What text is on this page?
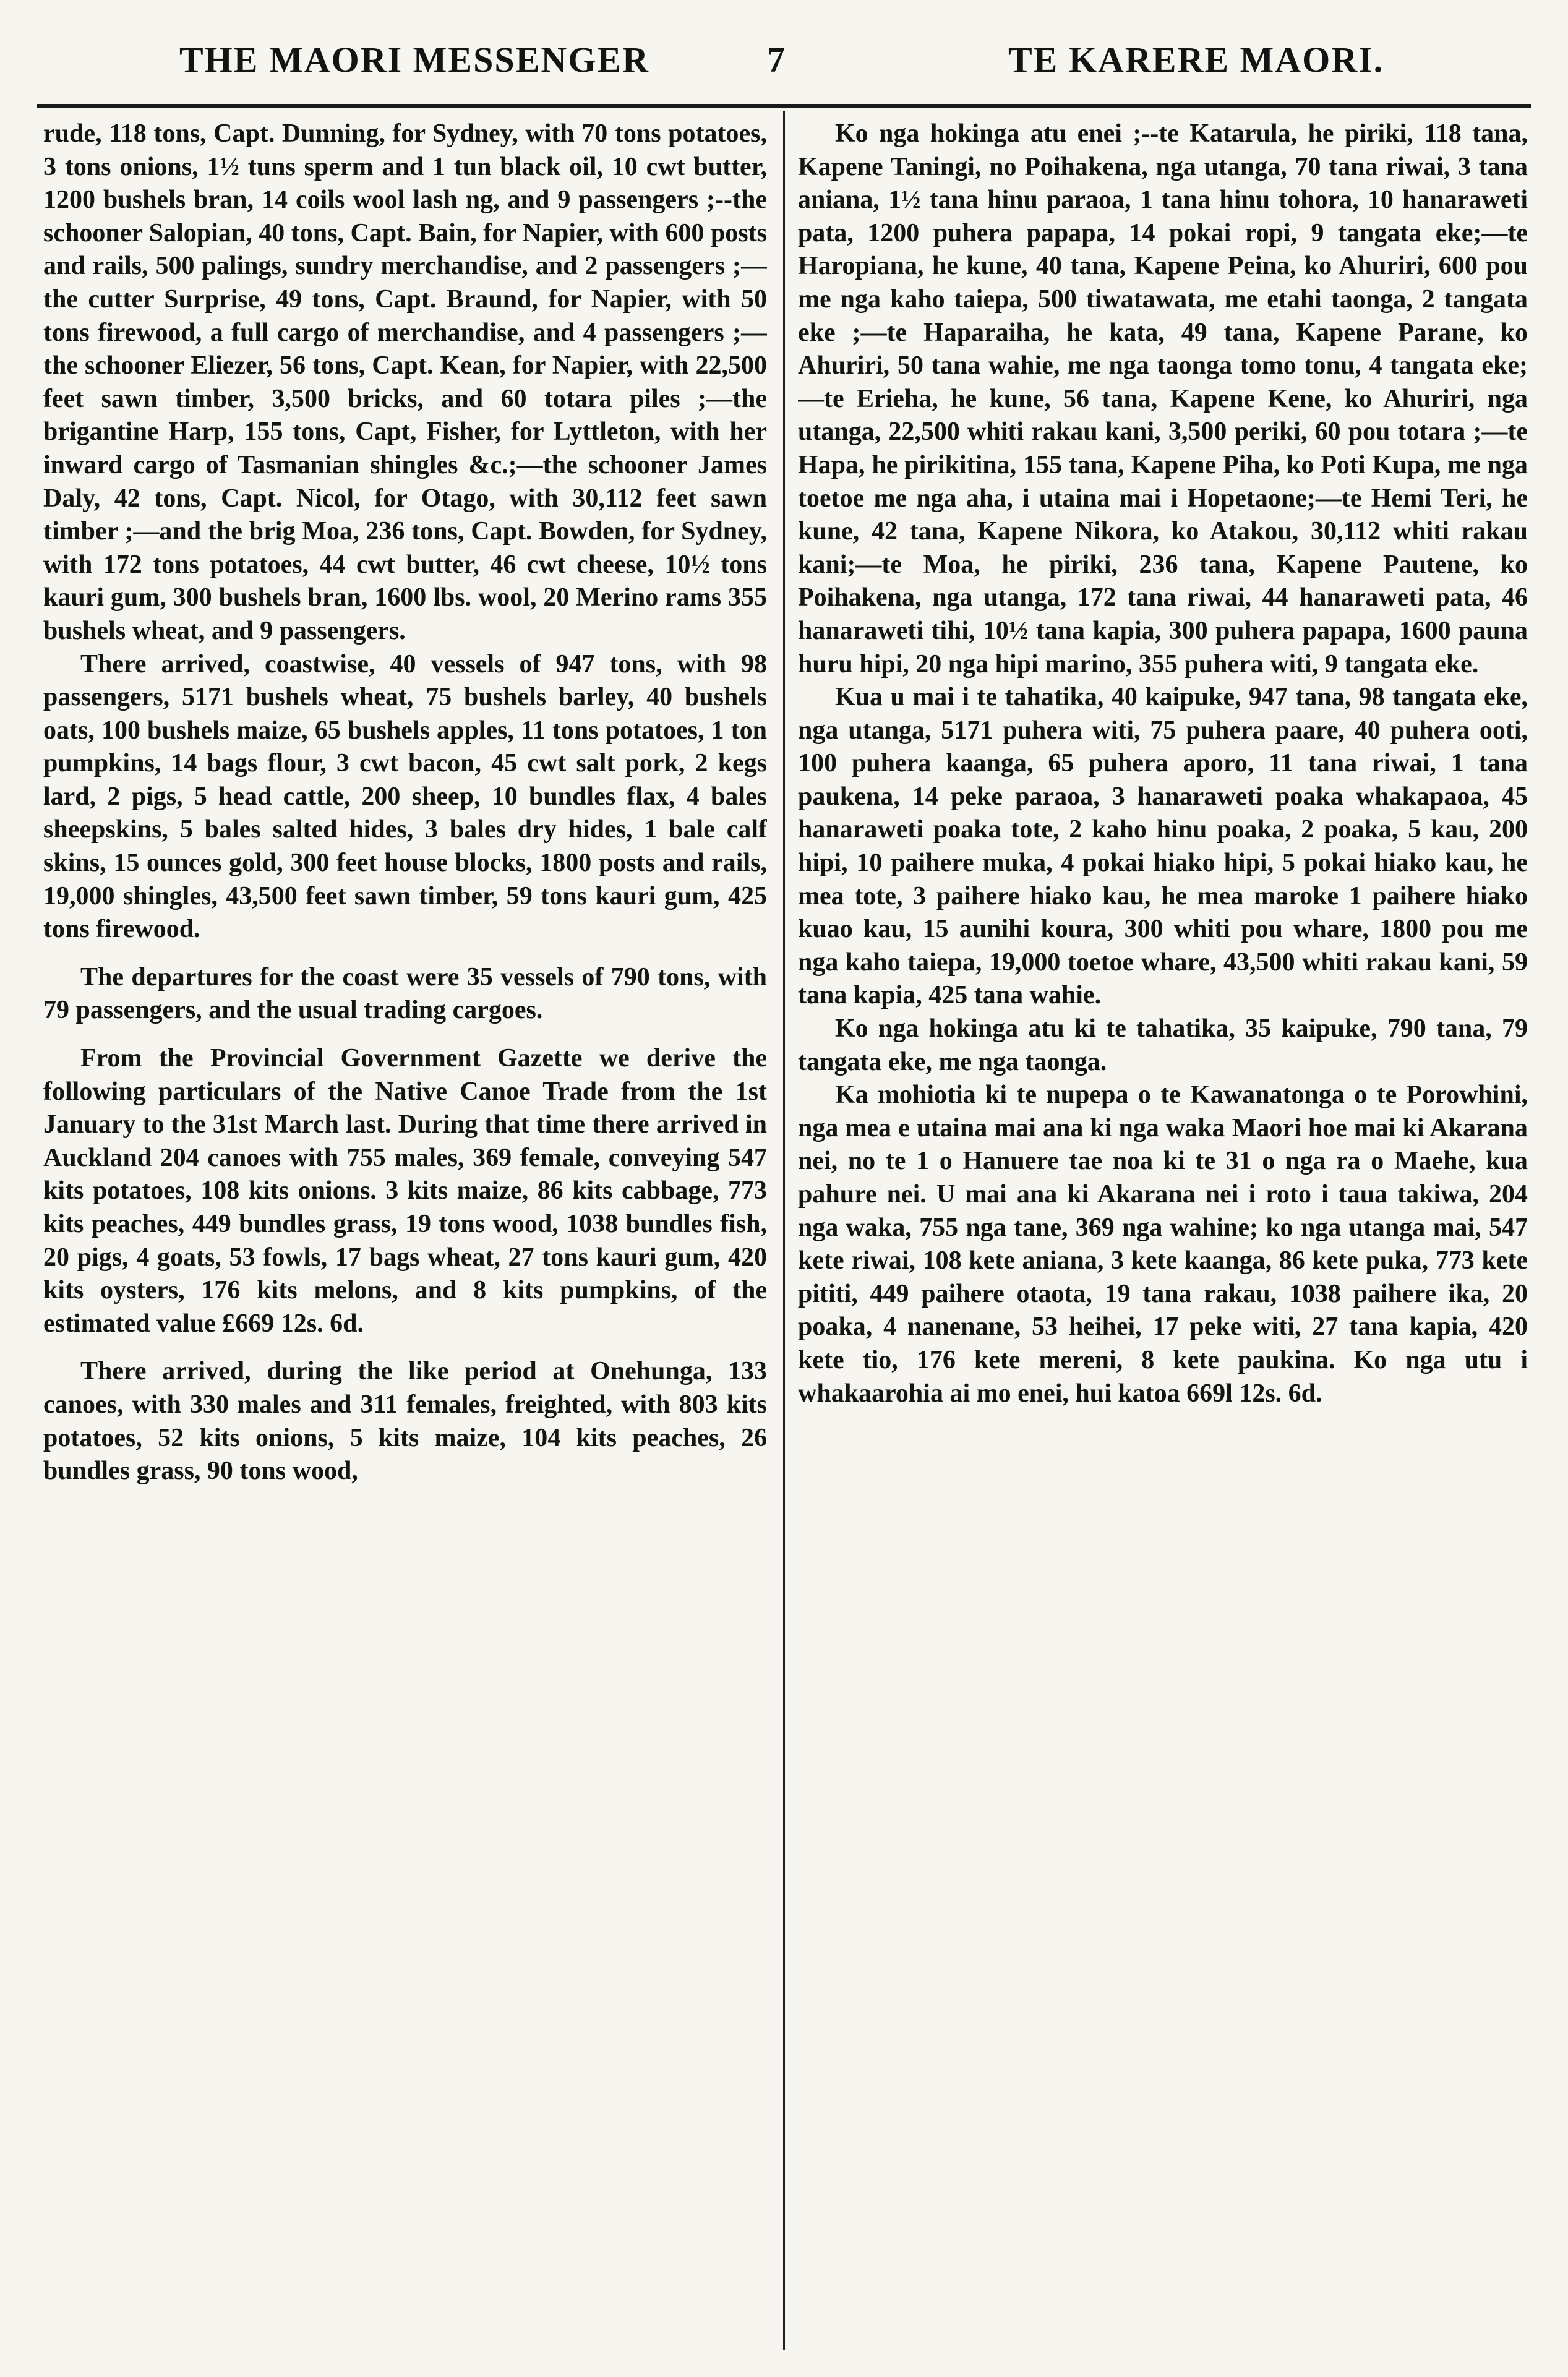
THE MAORI MESSENGER	7	TE KARERE MAORI.

rude, 118 tons, Capt. Dunning, for Sydney, with 70 tons potatoes, 3 tons onions, 1½ tuns sperm and 1 tun black oil, 10 cwt butter, 1200 bushels bran, 14 coils wool lash ng, and 9 passengers ;--the schooner Salopian, 40 tons, Capt. Bain, for Napier, with 600 posts and rails, 500 palings, sundry merchandise, and 2 passengers ;—the cutter Surprise, 49 tons, Capt. Braund, for Napier, with 50 tons firewood, a full cargo of merchandise, and 4 passengers ;—the schooner Eliezer, 56 tons, Capt. Kean, for Napier, with 22,500 feet sawn timber, 3,500 bricks, and 60 totara piles ;—the brigantine Harp, 155 tons, Capt, Fisher, for Lyttleton, with her inward cargo of Tasmanian shingles &c.;—the schooner James Daly, 42 tons, Capt. Nicol, for Otago, with 30,112 feet sawn timber ;—and the brig Moa, 236 tons, Capt. Bowden, for Sydney, with 172 tons potatoes, 44 cwt butter, 46 cwt cheese, 10½ tons kauri gum, 300 bushels bran, 1600 lbs. wool, 20 Merino rams 355 bushels wheat, and 9 passengers.

There arrived, coastwise, 40 vessels of 947 tons, with 98 passengers, 5171 bushels wheat, 75 bushels barley, 40 bushels oats, 100 bushels maize, 65 bushels apples, 11 tons potatoes, 1 ton pumpkins, 14 bags flour, 3 cwt bacon, 45 cwt salt pork, 2 kegs lard, 2 pigs, 5 head cattle, 200 sheep, 10 bundles flax, 4 bales sheepskins, 5 bales salted hides, 3 bales dry hides, 1 bale calf skins, 15 ounces gold, 300 feet house blocks, 1800 posts and rails, 19,000 shingles, 43,500 feet sawn timber, 59 tons kauri gum, 425 tons firewood.

The departures for the coast were 35 vessels of 790 tons, with 79 passengers, and the usual trading cargoes.

From the Provincial Government Gazette we derive the following particulars of the Native Canoe Trade from the 1st January to the 31st March last. During that time there arrived in Auckland 204 canoes with 755 males, 369 female, conveying 547 kits potatoes, 108 kits onions. 3 kits maize, 86 kits cabbage, 773 kits peaches, 449 bundles grass, 19 tons wood, 1038 bundles fish, 20 pigs, 4 goats, 53 fowls, 17 bags wheat, 27 tons kauri gum, 420 kits oysters, 176 kits melons, and 8 kits pumpkins, of the estimated value £669 12s. 6d.

There arrived, during the like period at Onehunga, 133 canoes, with 330 males and 311 females, freighted, with 803 kits potatoes, 52 kits onions, 5 kits maize, 104 kits peaches, 26 bundles grass, 90 tons wood,

Ko nga hokinga atu enei ;--te Katarula, he piriki, 118 tana, Kapene Taningi, no Poihakena, nga utanga, 70 tana riwai, 3 tana aniana, 1½ tana hinu paraoa, 1 tana hinu tohora, 10 hanaraweti pata, 1200 puhera papapa, 14 pokai ropi, 9 tangata eke;—te Haropiana, he kune, 40 tana, Kapene Peina, ko Ahuriri, 600 pou me nga kaho taiepa, 500 tiwatawata, me etahi taonga, 2 tangata eke ;—te Haparaiha, he kata, 49 tana, Kapene Parane, ko Ahuriri, 50 tana wahie, me nga taonga tomo tonu, 4 tangata eke;—te Erieha, he kune, 56 tana, Kapene Kene, ko Ahuriri, nga utanga, 22,500 whiti rakau kani, 3,500 periki, 60 pou totara ;—te Hapa, he pirikitina, 155 tana, Kapene Piha, ko Poti Kupa, me nga toetoe me nga aha, i utaina mai i Hopetaone;—te Hemi Teri, he kune, 42 tana, Kapene Nikora, ko Atakou, 30,112 whiti rakau kani;—te Moa, he piriki, 236 tana, Kapene Pautene, ko Poihakena, nga utanga, 172 tana riwai, 44 hanaraweti pata, 46 hanaraweti tihi, 10½ tana kapia, 300 puhera papapa, 1600 pauna huru hipi, 20 nga hipi marino, 355 puhera witi, 9 tangata eke.

Kua u mai i te tahatika, 40 kaipuke, 947 tana, 98 tangata eke, nga utanga, 5171 puhera witi, 75 puhera paare, 40 puhera ooti, 100 puhera kaanga, 65 puhera aporo, 11 tana riwai, 1 tana paukena, 14 peke paraoa, 3 hanaraweti poaka whakapaoa, 45 hanaraweti poaka tote, 2 kaho hinu poaka, 2 poaka, 5 kau, 200 hipi, 10 paihere muka, 4 pokai hiako hipi, 5 pokai hiako kau, he mea tote, 3 paihere hiako kau, he mea maroke 1 paihere hiako kuao kau, 15 aunihi koura, 300 whiti pou whare, 1800 pou me nga kaho taiepa, 19,000 toetoe whare, 43,500 whiti rakau kani, 59 tana kapia, 425 tana wahie.

Ko nga hokinga atu ki te tahatika, 35 kaipuke, 790 tana, 79 tangata eke, me nga taonga.

Ka mohiotia ki te nupepa o te Kawanatonga o te Porowhini, nga mea e utaina mai ana ki nga waka Maori hoe mai ki Akarana nei, no te 1 o Hanuere tae noa ki te 31 o nga ra o Maehe, kua pahure nei. U mai ana ki Akarana nei i roto i taua takiwa, 204 nga waka, 755 nga tane, 369 nga wahine; ko nga utanga mai, 547 kete riwai, 108 kete aniana, 3 kete kaanga, 86 kete puka, 773 kete pititi, 449 paihere otaota, 19 tana rakau, 1038 paihere ika, 20 poaka, 4 nanenane, 53 heihei, 17 peke witi, 27 tana kapia, 420 kete tio, 176 kete mereni, 8 kete paukina. Ko nga utu i whakaarohia ai mo enei, hui katoa 669l 12s. 6d.
